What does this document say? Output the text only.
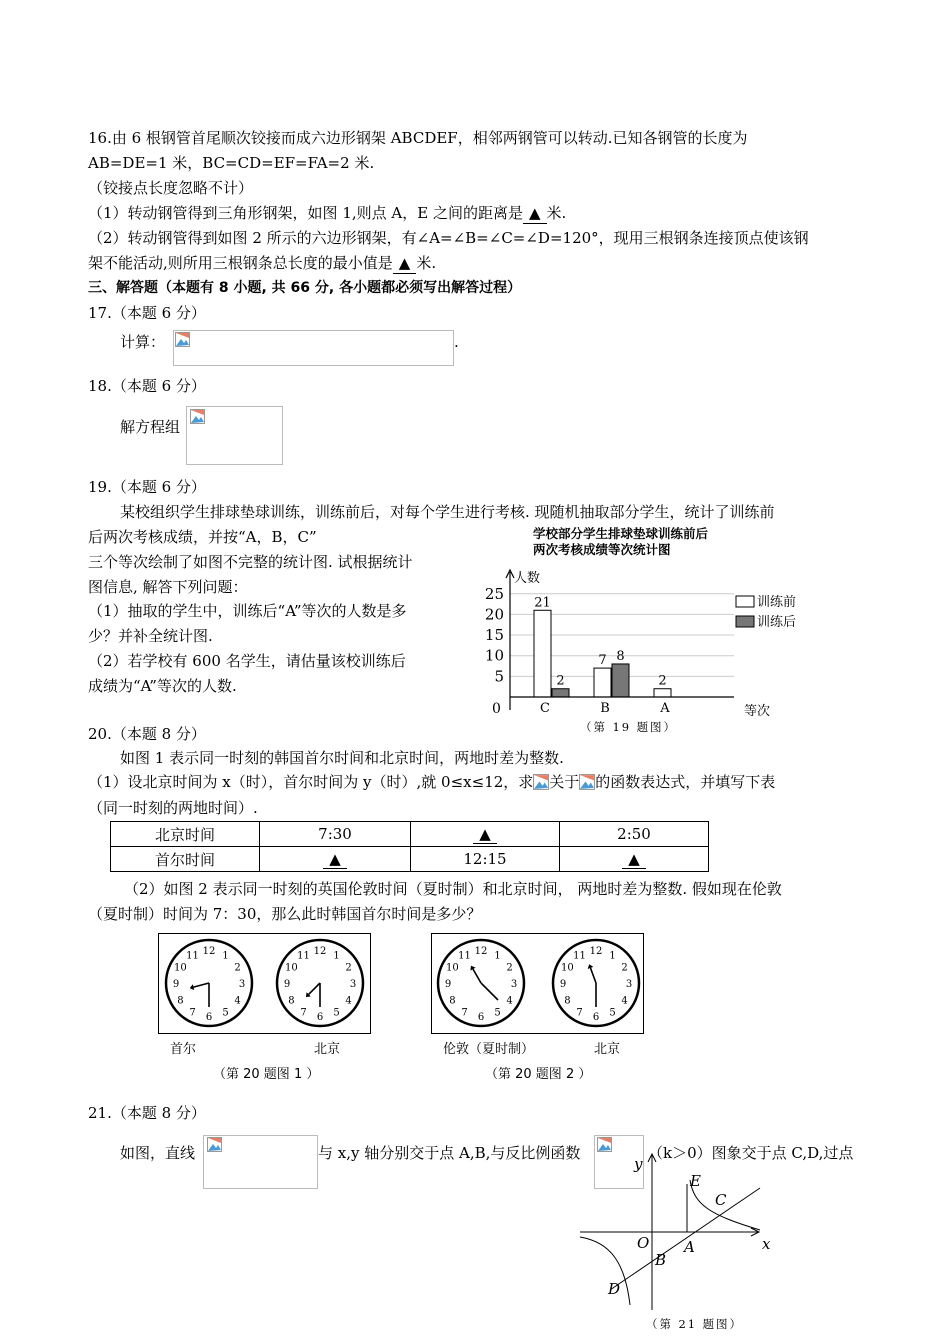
16.由 6 根钢管首尾顺次铰接而成六边形钢架 ABCDEF，相邻两钢管可以转动.已知各钢管的长度为
AB=DE=1 米，BC=CD=EF=FA=2 米.
（铰接点长度忽略不计）
（1）转动钢管得到三角形钢架，如图 1,则点 A，E 之间的距离是 ▲ 米.
（2）转动钢管得到如图 2 所示的六边形钢架，有∠A=∠B=∠C=∠D=120°，现用三根钢条连接顶点使该钢
架不能活动,则所用三根钢条总长度的最小值是 ▲ 米.
三、解答题（本题有 8 小题, 共 66 分, 各小题都必须写出解答过程）
17.（本题 6 分）
计算：	.
18.（本题 6 分）
解方程组
19.（本题 6 分）
某校组织学生排球垫球训练，训练前后，对每个学生进行考核. 现随机抽取部分学生，统计了训练前
后两次考核成绩，并按“A，B，C”
三个等次绘制了如图不完整的统计图. 试根据统计
图信息, 解答下列问题：
（1）抽取的学生中，训练后“A”等次的人数是多
少？并补全统计图.
（2）若学校有 600 名学生，请估量该校训练后
成绩为“A”等次的人数.
学校部分学生排球垫球训练前后
两次考核成绩等次统计图
5
10
15
20
25
C
21
2
B
7 8
A
2
人数
等次
0
训练前
训练后
（第 19 题图）
20.（本题 8 分）
如图 1 表示同一时刻的韩国首尔时间和北京时间，两地时差为整数.
（1）设北京时间为 x（时），首尔时间为 y（时）,就 0≤x≤12，求 关于 的函数表达式，并填写下表
（同一时刻的两地时间）.
北京时间	7:30	▲	2:50
首尔时间	▲	12:15	▲
（2）如图 2 表示同一时刻的英国伦敦时间（夏时制）和北京时间， 两地时差为整数. 假如现在伦敦
（夏时制）时间为 7：30，那么此时韩国首尔时间是多少？
12 1
2
3
4
5
6
7
8
9
10
11	12 1
2
3
4
5
6
7
8
9
10
11	12 1
2
3
4
5
6
7
8
9
10
11	12 1
2
3
4
5
6
7
8
9
10
11
首尔	北京	伦敦（夏时制）	北京
（第 20 题图 1 ）	（第 20 题图 2 ）
21.（本题 8 分）
如图，直线	与 x,y 轴分别交于点 A,B,与反比例函数	（k＞0）图象交于点 C,D,过点
y
x
O A
B
C
D
E
（第 21 题图）
